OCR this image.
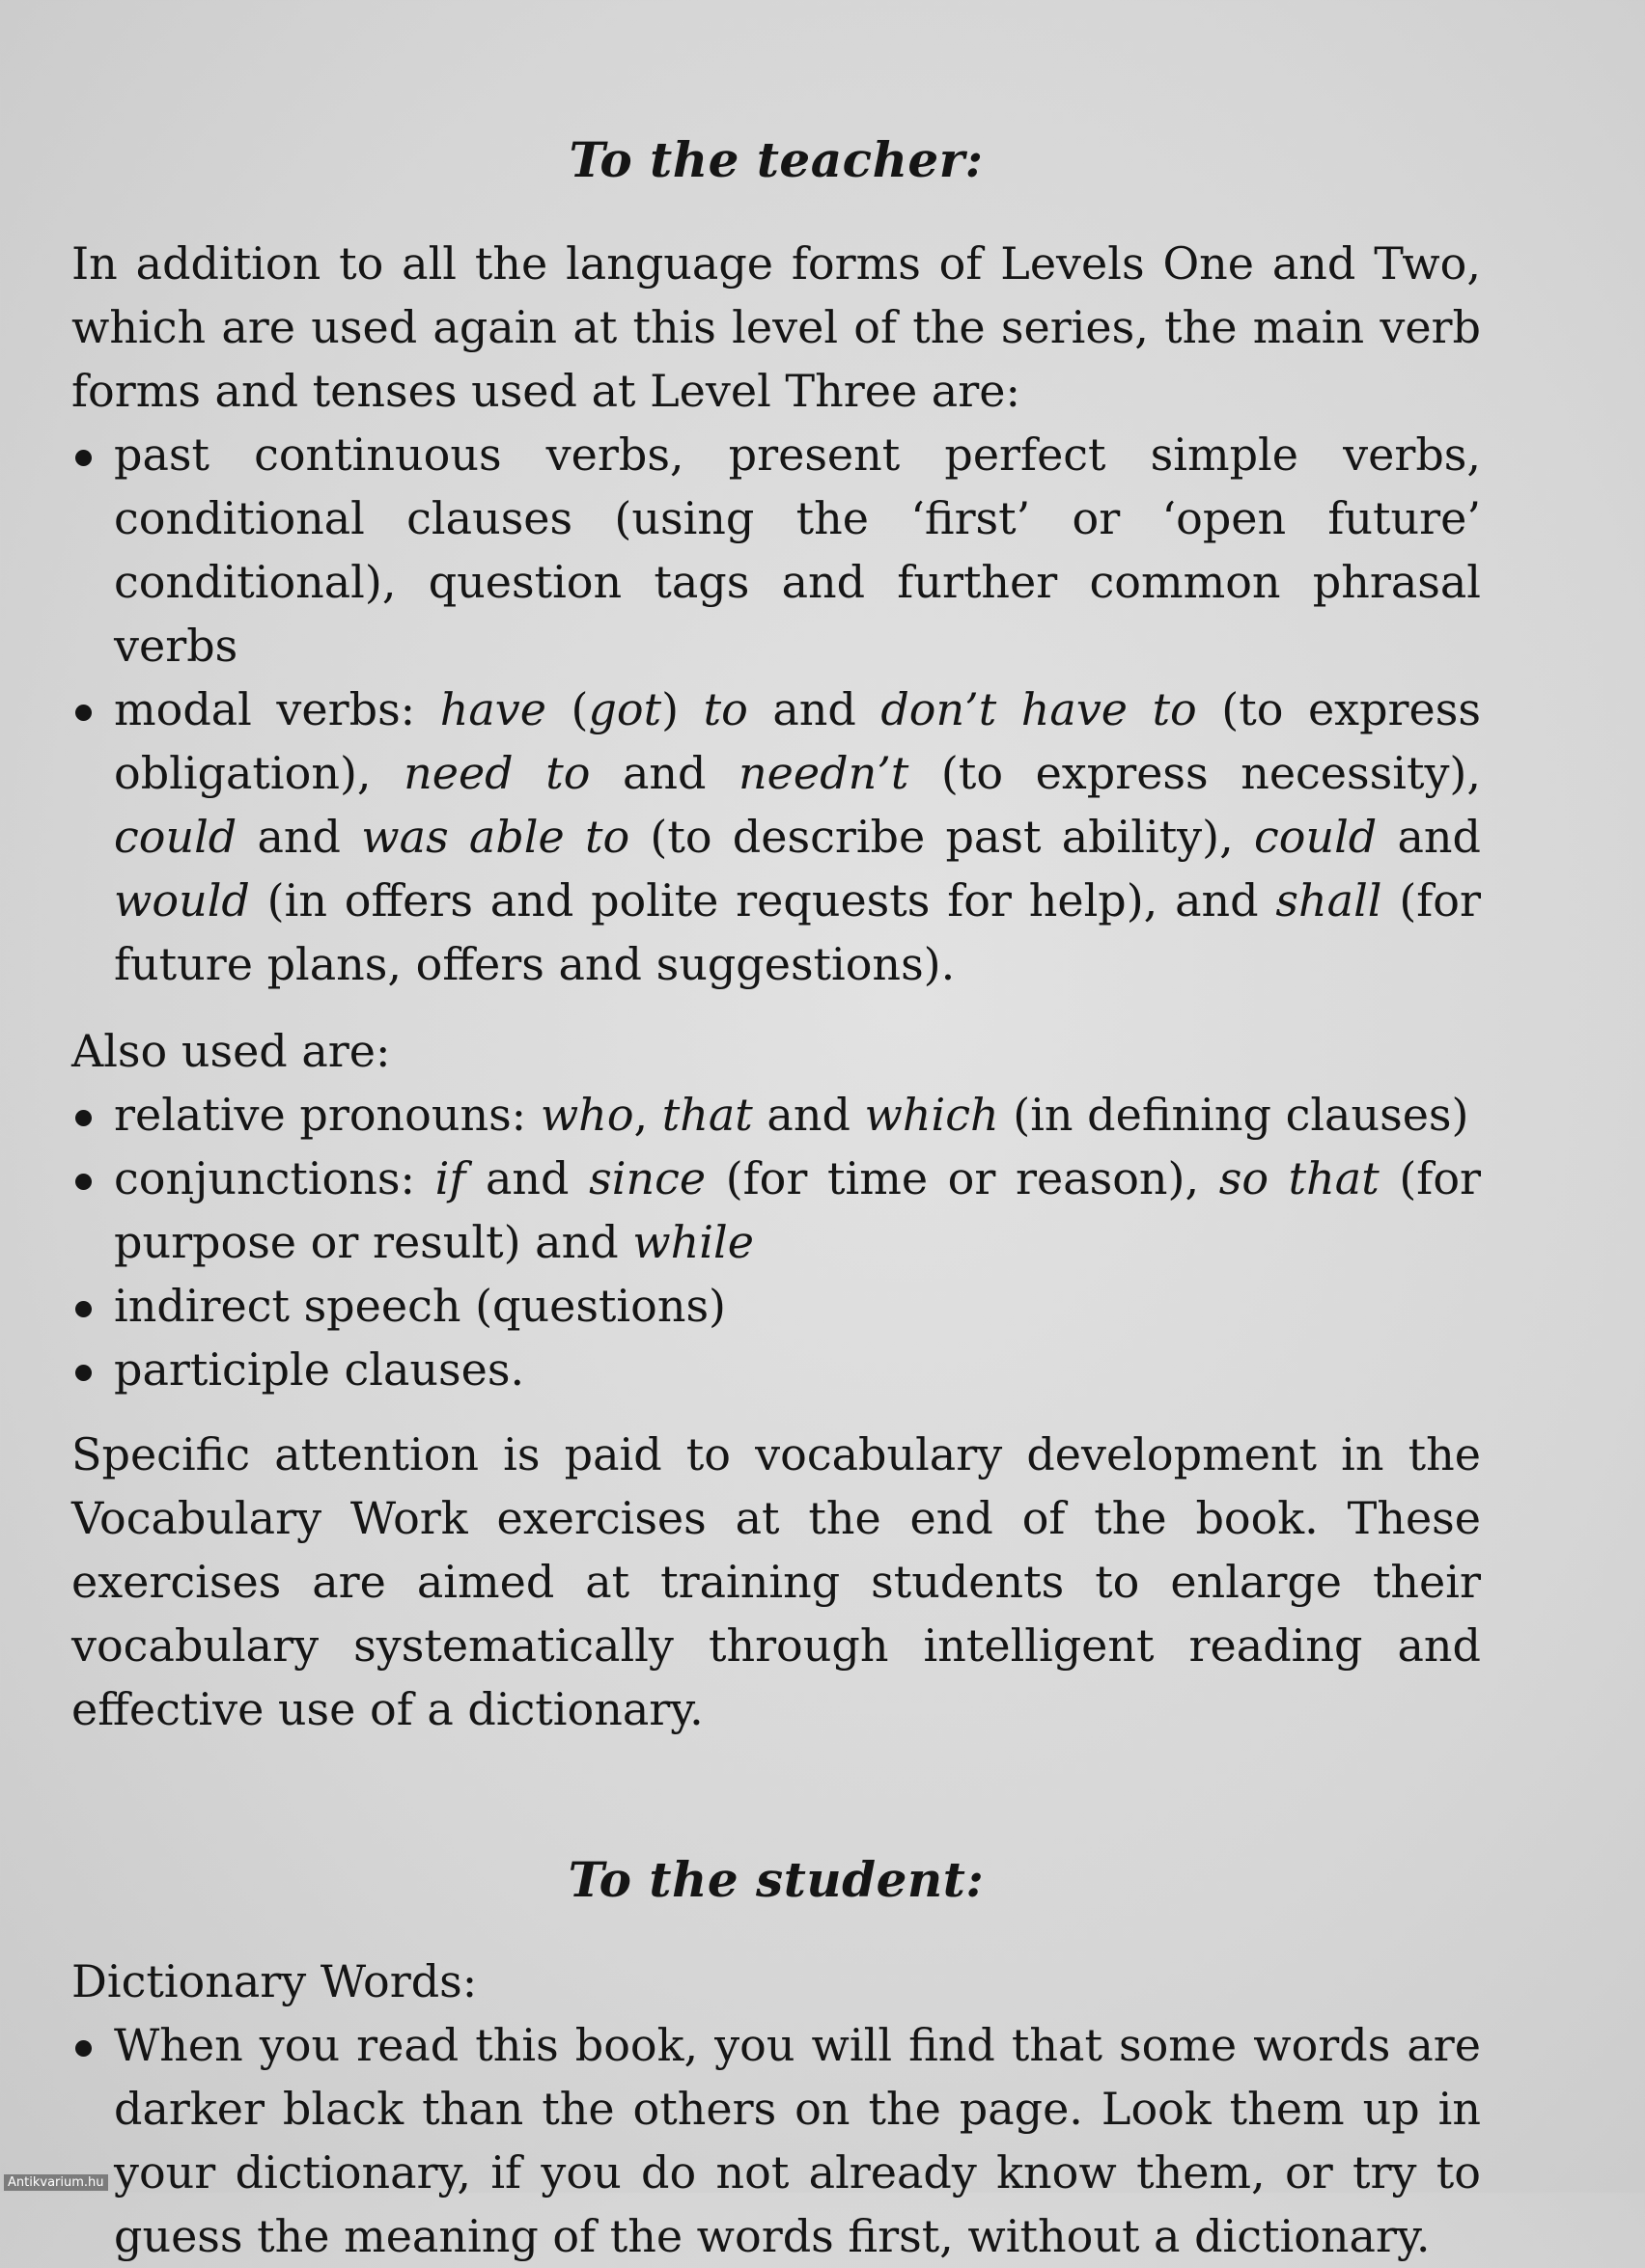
To the teacher:

In addition to all the language forms of Levels One and Two, which are used again at this level of the series, the main verb forms and tenses used at Level Three are:

past continuous verbs, present perfect simple verbs, conditional clauses (using the ‘first’ or ‘open future’ conditional), question tags and further common phrasal verbs
modal verbs: have (got) to and don’t have to (to express obligation), need to and needn’t (to express necessity), could and was able to (to describe past ability), could and would (in offers and polite requests for help), and shall (for future plans, offers and suggestions).

Also used are:

relative pronouns: who, that and which (in defining clauses)
conjunctions: if and since (for time or reason), so that (for purpose or result) and while
indirect speech (questions)
participle clauses.

Specific attention is paid to vocabulary development in the Vocabulary Work exercises at the end of the book. These exercises are aimed at training students to enlarge their vocabulary systematically through intelligent reading and effective use of a dictionary.

To the student:

Dictionary Words:

When you read this book, you will find that some words are darker black than the others on the page. Look them up in your dictionary, if you do not already know them, or try to guess the meaning of the words first, without a dictionary.
Antikvarium.hu
